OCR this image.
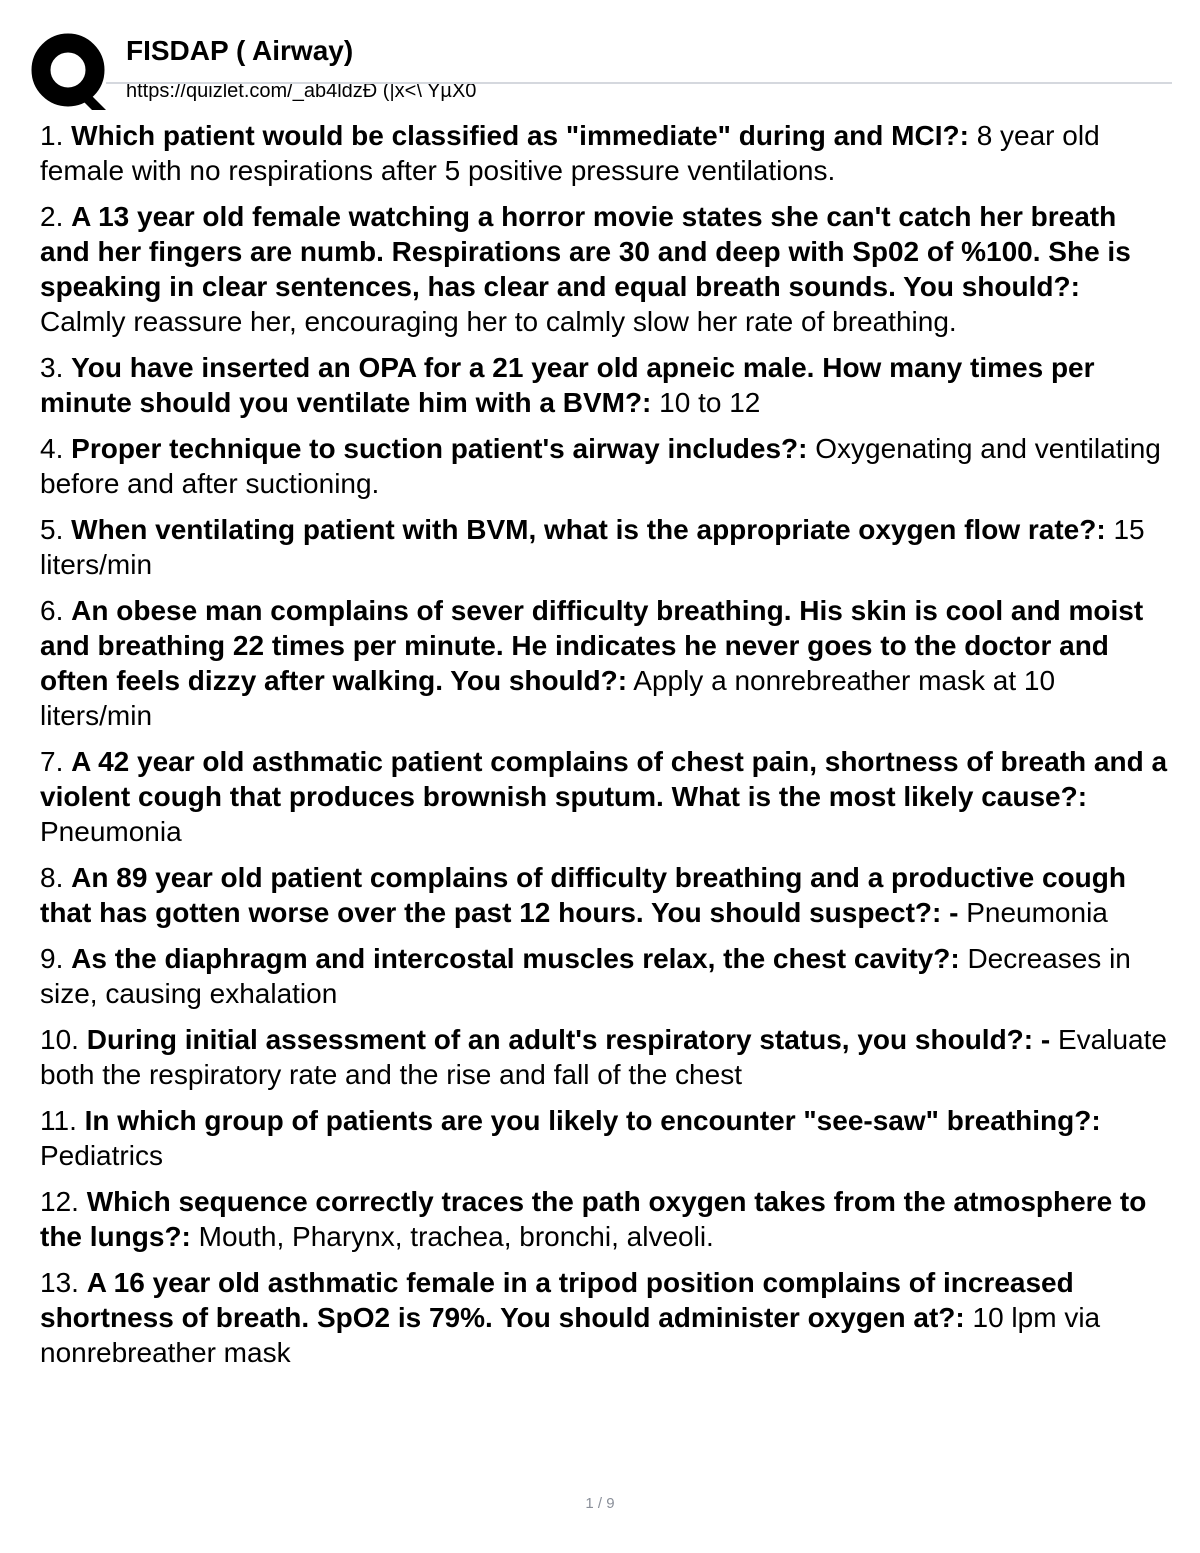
FISDAP ( Airway)
https://quizlet.com/_ab4ldzÐ (|x<\ YµX0
1. Which patient would be classified as "immediate" during and MCI?: 8 year old female with no respirations after 5 positive pressure ventilations.
2. A 13 year old female watching a horror movie states she can't catch her breath and her fingers are numb. Respirations are 30 and deep with Sp02 of %100. She is speaking in clear sentences, has clear and equal breath sounds. You should?: Calmly reassure her, encouraging her to calmly slow her rate of breathing.
3. You have inserted an OPA for a 21 year old apneic male. How many times per minute should you ventilate him with a BVM?: 10 to 12
4. Proper technique to suction patient's airway includes?: Oxygenating and ventilating before and after suctioning.
5. When ventilating patient with BVM, what is the appropriate oxygen flow rate?: 15 liters/min
6. An obese man complains of sever difficulty breathing. His skin is cool and moist and breathing 22 times per minute. He indicates he never goes to the doctor and often feels dizzy after walking. You should?: Apply a nonrebreather mask at 10 liters/min
7. A 42 year old asthmatic patient complains of chest pain, shortness of breath and a violent cough that produces brownish sputum. What is the most likely cause?: Pneumonia
8. An 89 year old patient complains of difficulty breathing and a productive cough that has gotten worse over the past 12 hours. You should suspect?: - Pneumonia
9. As the diaphragm and intercostal muscles relax, the chest cavity?: Decreases in size, causing exhalation
10. During initial assessment of an adult's respiratory status, you should?: - Evaluate both the respiratory rate and the rise and fall of the chest
11. In which group of patients are you likely to encounter "see-saw" breathing?: Pediatrics
12. Which sequence correctly traces the path oxygen takes from the atmosphere to the lungs?: Mouth, Pharynx, trachea, bronchi, alveoli.
13. A 16 year old asthmatic female in a tripod position complains of increased shortness of breath. SpO2 is 79%. You should administer oxygen at?: 10 lpm via nonrebreather mask
1 / 9
